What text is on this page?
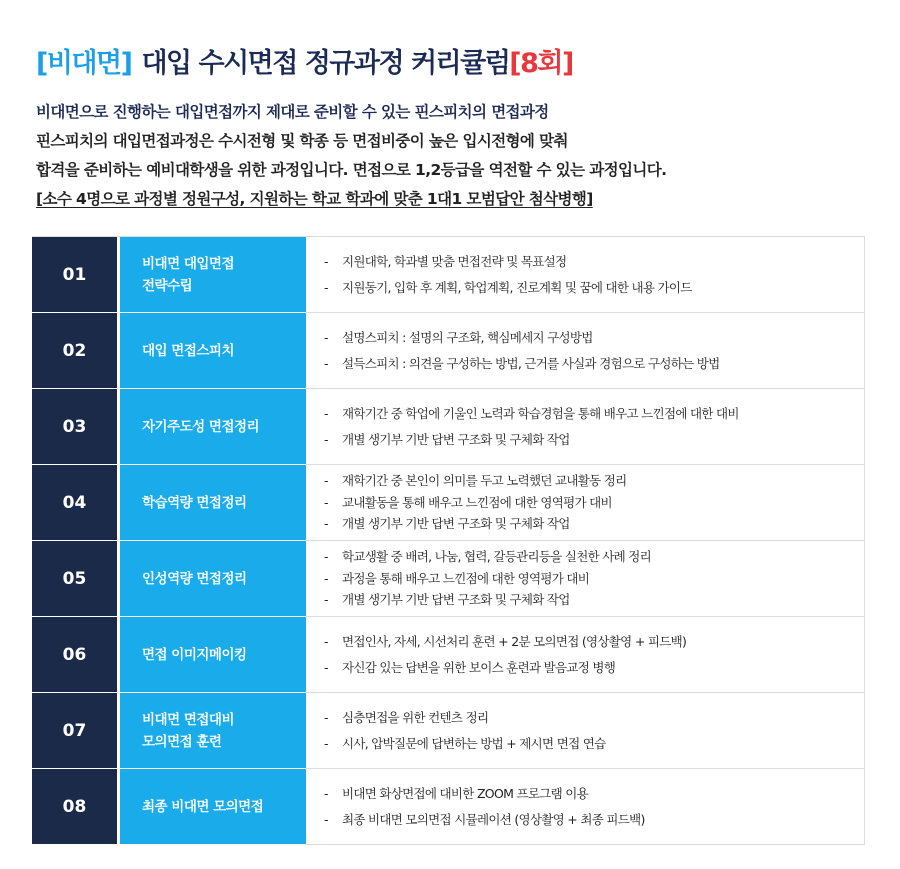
[비대면] 대입 수시면접 정규과정 커리큘럼[8회]
비대면으로 진행하는 대입면접까지 제대로 준비할 수 있는 핀스피치의 면접과정
핀스피치의 대입면접과정은 수시전형 및 학종 등 면접비중이 높은 입시전형에 맞춰
합격을 준비하는 예비대학생을 위한 과정입니다. 면접으로 1,2등급을 역전할 수 있는 과정입니다.
[소수 4명으로 과정별 정원구성, 지원하는 학교 학과에 맞춘 1대1 모범답안 첨삭병행]
01
비대면 대입면접
전략수립
- 지원대학, 학과별 맞춤 면접전략 및 목표설정
- 지원동기, 입학 후 계획, 학업계획, 진로계획 및 꿈에 대한 내용 가이드
02	대입 면접스피치
- 설명스피치 : 설명의 구조화, 핵심메세지 구성방법
- 설득스피치 : 의견을 구성하는 방법, 근거를 사실과 경험으로 구성하는 방법
03	자기주도성 면접정리
- 재학기간 중 학업에 기울인 노력과 학습경험을 통해 배우고 느낀점에 대한 대비
- 개별 생기부 기반 답변 구조화 및 구체화 작업
04	학습역량 면접정리
- 재학기간 중 본인이 의미를 두고 노력했던 교내활동 정리
- 교내활동을 통해 배우고 느낀점에 대한 영역평가 대비
- 개별 생기부 기반 답변 구조화 및 구체화 작업
05	인성역량 면접정리
- 학교생활 중 배려, 나눔, 협력, 갈등관리등을 실천한 사례 정리
- 과정을 통해 배우고 느낀점에 대한 영역평가 대비
- 개별 생기부 기반 답변 구조화 및 구체화 작업
06	면접 이미지메이킹
- 면접인사, 자세, 시선처리 훈련 + 2분 모의면접 (영상촬영 + 피드백)
- 자신감 있는 답변을 위한 보이스 훈련과 발음교정 병행
07
비대면 면접대비
모의면접 훈련
- 심층면접을 위한 컨텐츠 정리
- 시사, 압박질문에 답변하는 방법 + 제시면 면접 연습
08	최종 비대면 모의면접
- 비대면 화상면접에 대비한 ZOOM 프로그램 이용
- 최종 비대면 모의면접 시뮬레이션 (영상촬영 + 최종 피드백)
